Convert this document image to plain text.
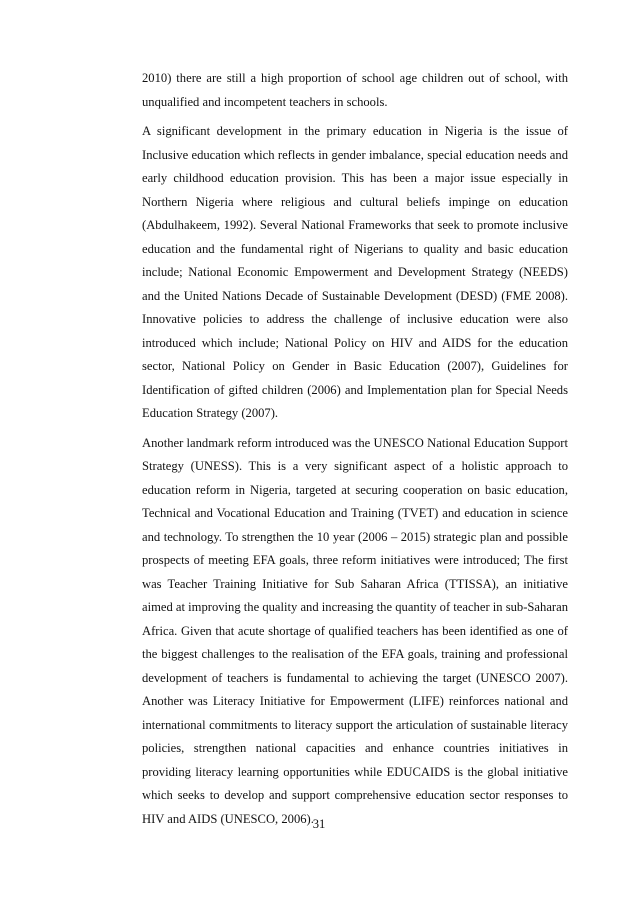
2010) there are still a high proportion of school age children out of school, with unqualified and incompetent teachers in schools.

A significant development in the primary education in Nigeria is the issue of Inclusive education which reflects in gender imbalance, special education needs and early childhood education provision. This has been a major issue especially in Northern Nigeria where religious and cultural beliefs impinge on education (Abdulhakeem, 1992). Several National Frameworks that seek to promote inclusive education and the fundamental right of Nigerians to quality and basic education include; National Economic Empowerment and Development Strategy (NEEDS) and the United Nations Decade of Sustainable Development (DESD) (FME 2008). Innovative policies to address the challenge of inclusive education were also introduced which include; National Policy on HIV and AIDS for the education sector, National Policy on Gender in Basic Education (2007), Guidelines for Identification of gifted children (2006) and Implementation plan for Special Needs Education Strategy (2007).

Another landmark reform introduced was the UNESCO National Education Support Strategy (UNESS). This is a very significant aspect of a holistic approach to education reform in Nigeria, targeted at securing cooperation on basic education, Technical and Vocational Education and Training (TVET) and education in science and technology. To strengthen the 10 year (2006 – 2015) strategic plan and possible prospects of meeting EFA goals, three reform initiatives were introduced; The first was Teacher Training Initiative for Sub Saharan Africa (TTISSA), an initiative aimed at improving the quality and increasing the quantity of teacher in sub-Saharan Africa. Given that acute shortage of qualified teachers has been identified as one of the biggest challenges to the realisation of the EFA goals, training and professional development of teachers is fundamental to achieving the target (UNESCO 2007). Another was Literacy Initiative for Empowerment (LIFE) reinforces national and international commitments to literacy support the articulation of sustainable literacy policies, strengthen national capacities and enhance countries initiatives in providing literacy learning opportunities while EDUCAIDS is the global initiative which seeks to develop and support comprehensive education sector responses to HIV and AIDS (UNESCO, 2006).

31
